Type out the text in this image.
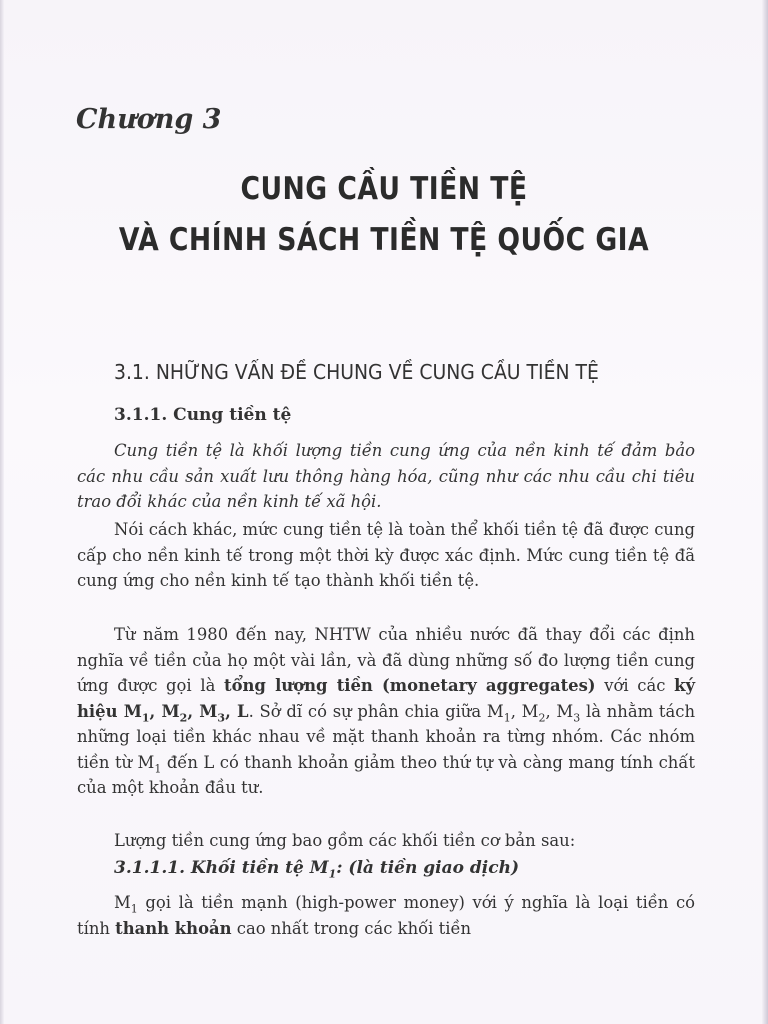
Chương 3
CUNG CẦU TIỀN TỆ
VÀ CHÍNH SÁCH TIỀN TỆ QUỐC GIA
3.1. NHỮNG VẤN ĐỀ CHUNG VỀ CUNG CẦU TIỀN TỆ
3.1.1. Cung tiền tệ
Cung tiền tệ là khối lượng tiền cung ứng của nền kinh tế đảm bảo các nhu cầu sản xuất lưu thông hàng hóa, cũng như các nhu cầu chi tiêu trao đổi khác của nền kinh tế xã hội.
Nói cách khác, mức cung tiền tệ là toàn thể khối tiền tệ đã được cung cấp cho nền kinh tế trong một thời kỳ được xác định. Mức cung tiền tệ đã cung ứng cho nền kinh tế tạo thành khối tiền tệ.
Từ năm 1980 đến nay, NHTW của nhiều nước đã thay đổi các định nghĩa về tiền của họ một vài lần, và đã dùng những số đo lượng tiền cung ứng được gọi là tổng lượng tiền (monetary aggregates) với các ký hiệu $M_1$, $M_2$, $M_3$, L. Sở dĩ có sự phân chia giữa $M_1$, $M_2$, $M_3$ là nhằm tách những loại tiền khác nhau về mặt thanh khoản ra từng nhóm. Các nhóm tiền từ $M_1$ đến L có thanh khoản giảm theo thứ tự và càng mang tính chất của một khoản đầu tư.
Lượng tiền cung ứng bao gồm các khối tiền cơ bản sau:
3.1.1.1. Khối tiền tệ $M_1$: (là tiền giao dịch)
$M_1$ gọi là tiền mạnh (high-power money) với ý nghĩa là loại tiền có tính thanh khoản cao nhất trong các khối tiền
